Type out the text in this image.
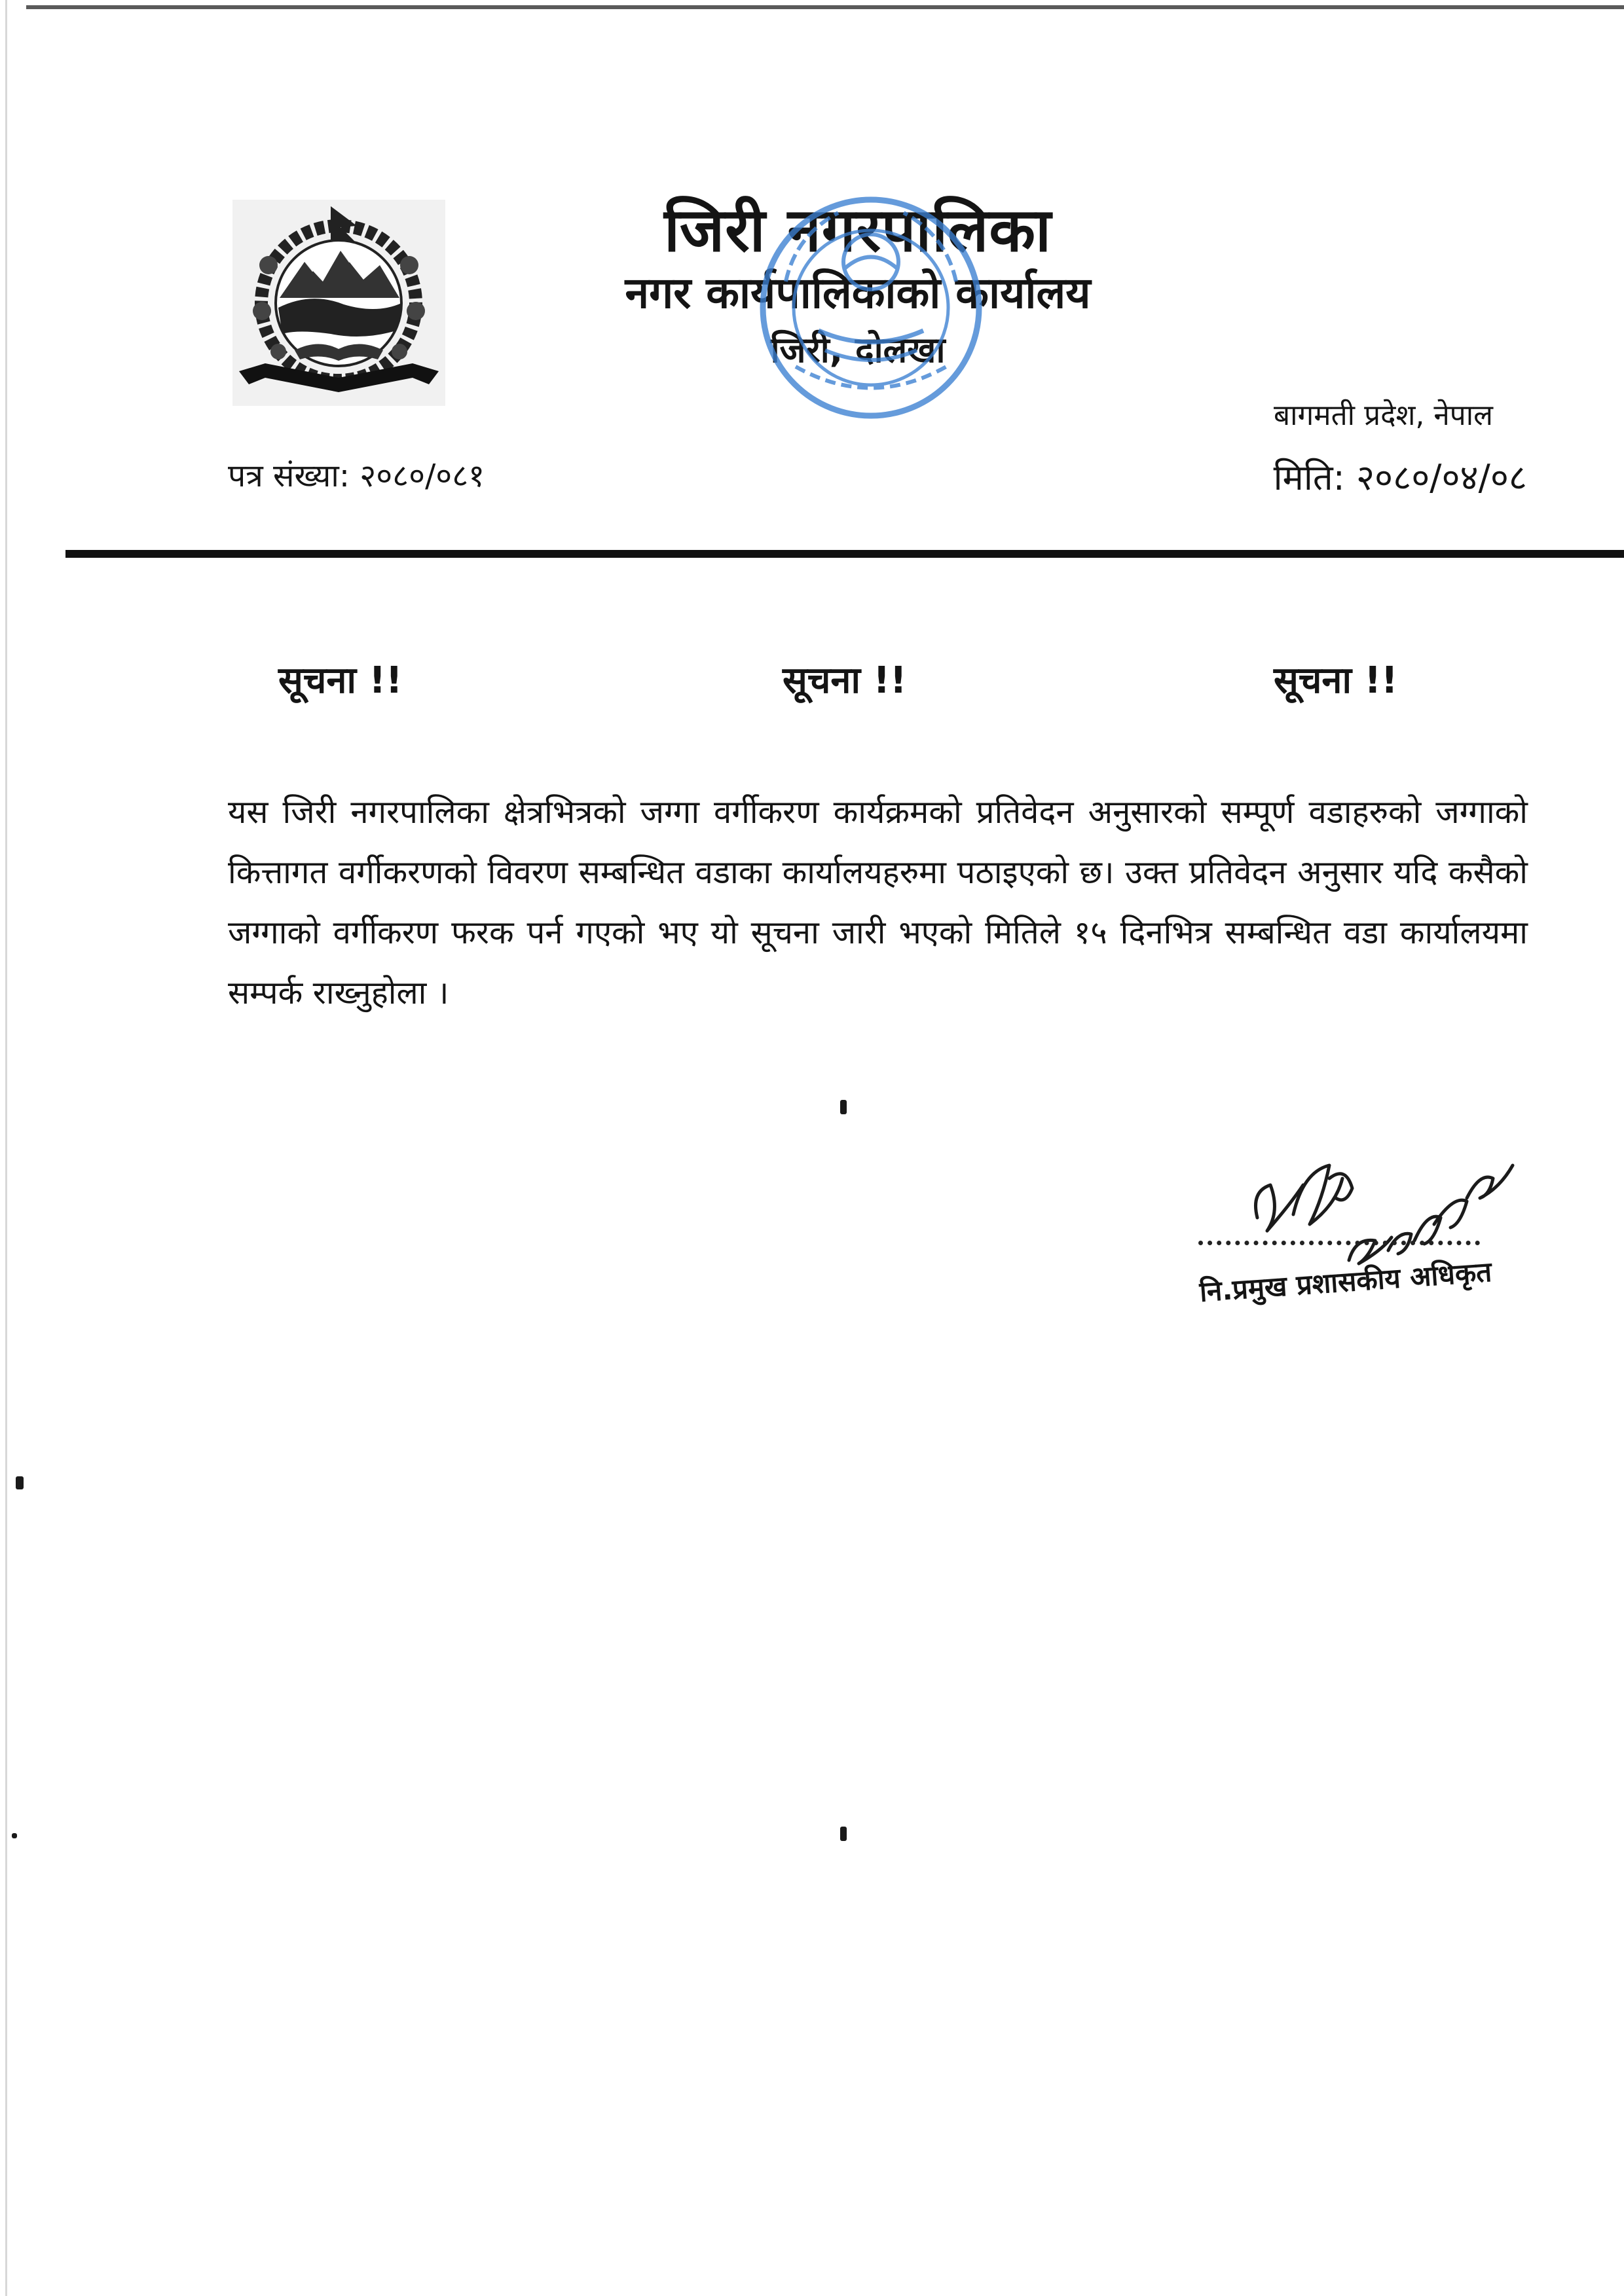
जिरी नगरपालिका

नगर कार्यपालिकाको कार्यालय

जिरी, दोलखा

बागमती प्रदेश, नेपाल
पत्र संख्या: २०८०/०८१	मिति: २०८०/०४/०८
सूचना !!	सूचना !!	सूचना !!

यस जिरी नगरपालिका क्षेत्रभित्रको जग्गा वर्गीकरण कार्यक्रमको प्रतिवेदन अनुसारको सम्पूर्ण वडाहरुको जग्गाको कित्तागत वर्गीकरणको विवरण सम्बन्धित वडाका कार्यालयहरुमा पठाइएको छ। उक्त प्रतिवेदन अनुसार यदि कसैको जग्गाको वर्गीकरण फरक पर्न गएको भए यो सूचना जारी भएको मितिले १५ दिनभित्र सम्बन्धित वडा कार्यालयमा सम्पर्क राख्नुहोला ।

नि.प्रमुख प्रशासकीय अधिकृत
